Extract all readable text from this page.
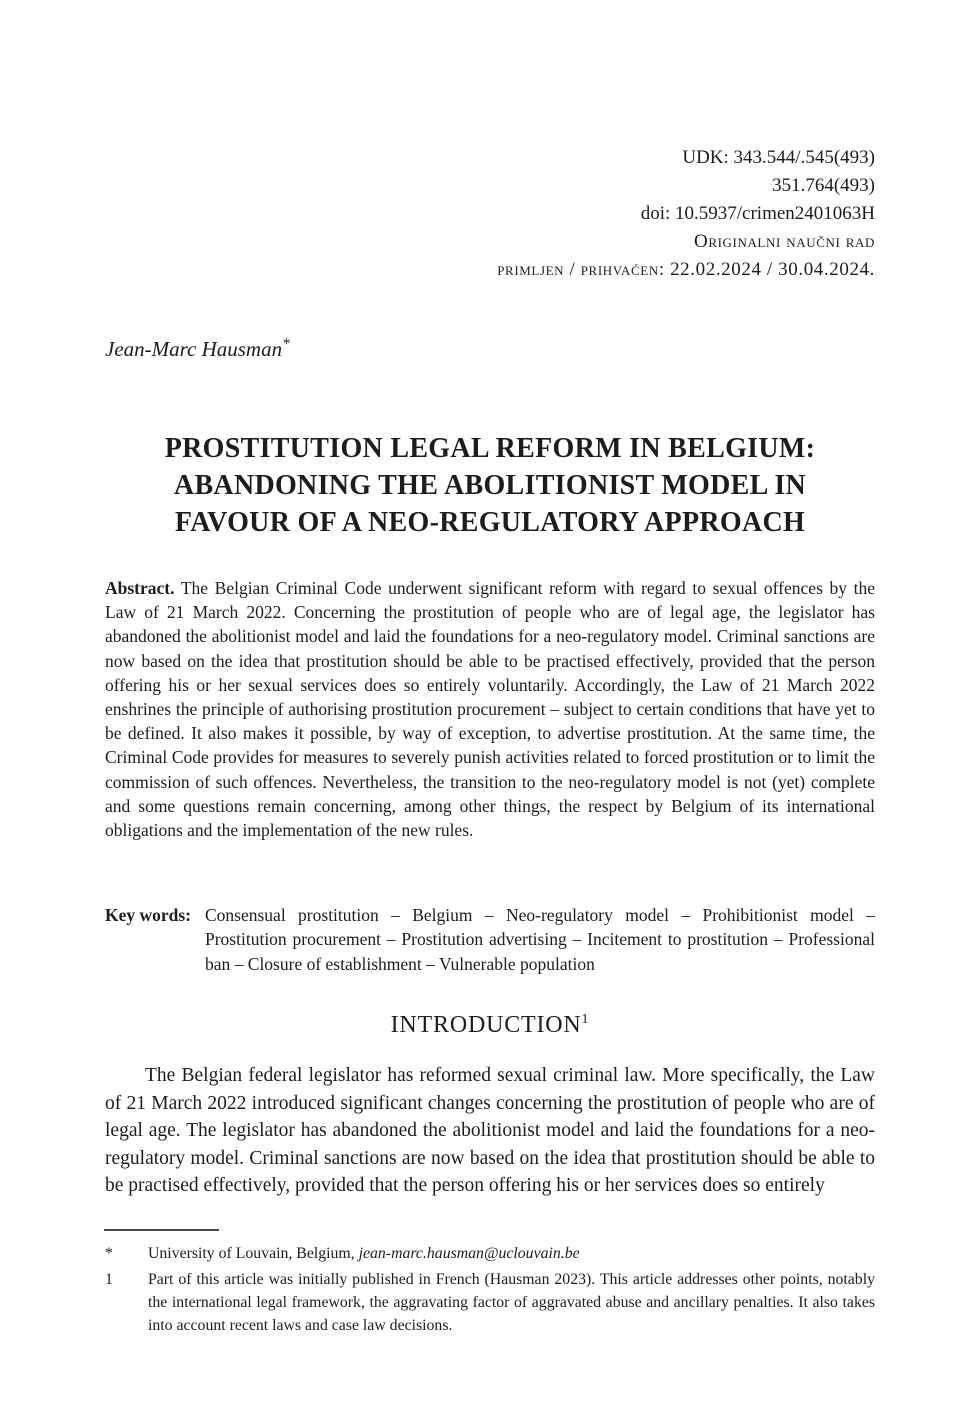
UDK: 343.544/.545(493)
351.764(493)
doi: 10.5937/crimen2401063H
Originalni naučni rad
primljen / prihvaćen: 22.02.2024 / 30.04.2024.
Jean-Marc Hausman*
PROSTITUTION LEGAL REFORM IN BELGIUM:
ABANDONING THE ABOLITIONIST MODEL IN
FAVOUR OF A NEO-REGULATORY APPROACH

Abstract. The Belgian Criminal Code underwent significant reform with regard to sexual offences by the Law of 21 March 2022. Concerning the prostitution of people who are of legal age, the legislator has abandoned the abolitionist model and laid the foundations for a neo-regulatory model. Criminal sanctions are now based on the idea that prostitution should be able to be practised effectively, provided that the person offering his or her sexual services does so entirely voluntarily. Accordingly, the Law of 21 March 2022 enshrines the principle of authorising prostitution procurement – subject to certain conditions that have yet to be defined. It also makes it possible, by way of exception, to advertise prostitution. At the same time, the Criminal Code provides for measures to severely punish activities related to forced prostitution or to limit the commission of such offences. Nevertheless, the transition to the neo-regulatory model is not (yet) complete and some questions remain concerning, among other things, the respect by Belgium of its international obligations and the implementation of the new rules.

Key words: Consensual prostitution – Belgium – Neo-regulatory model – Prohibitionist model – Prostitution procurement – Prostitution advertising – Incitement to prostitution – Professional ban – Closure of establishment – Vulnerable population
INTRODUCTION$^1$

The Belgian federal legislator has reformed sexual criminal law. More specifically, the Law of 21 March 2022 introduced significant changes concerning the prostitution of people who are of legal age. The legislator has abandoned the abolitionist model and laid the foundations for a neo-regulatory model. Criminal sanctions are now based on the idea that prostitution should be able to be practised effectively, provided that the person offering his or her services does so entirely

*	University of Louvain, Belgium, jean-marc.hausman@uclouvain.be
1	Part of this article was initially published in French (Hausman 2023). This article addresses other points, notably the international legal framework, the aggravating factor of aggravated abuse and ancillary penalties. It also takes into account recent laws and case law decisions.
